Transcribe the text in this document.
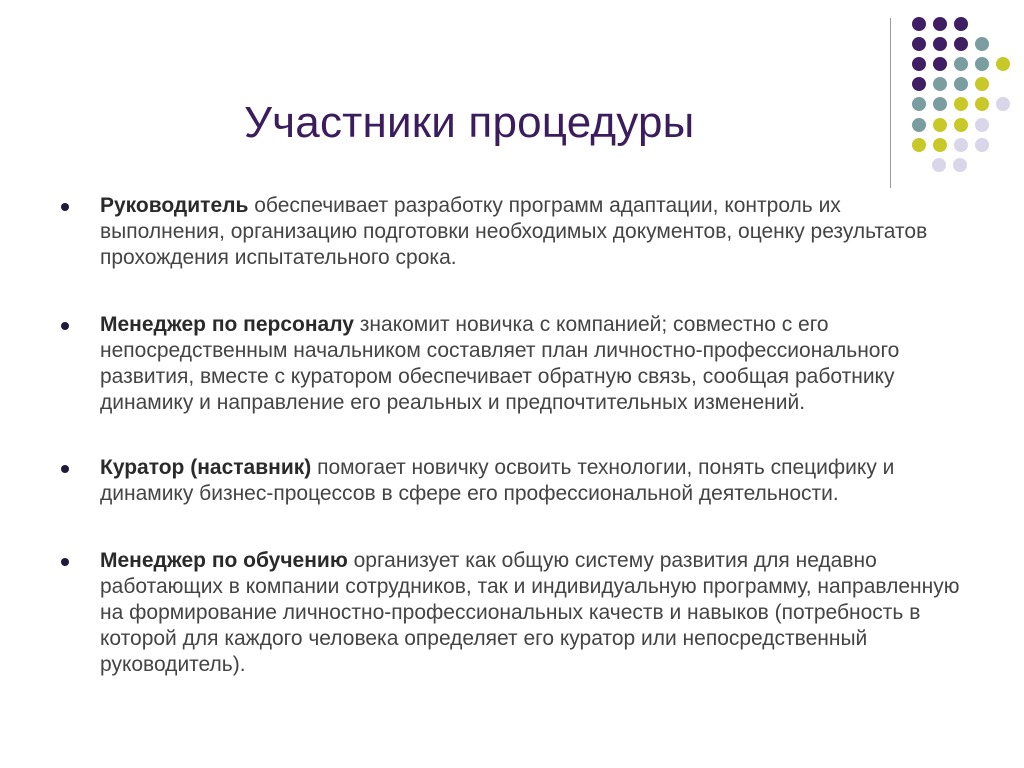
Участники процедуры
Руководитель обеспечивает разработку программ адаптации, контроль их выполнения, организацию подготовки необходимых документов, оценку результатов прохождения испытательного срока.
Менеджер по персоналу знакомит новичка с компанией; совместно с его непосредственным начальником составляет план личностно-профессионального развития, вместе с куратором обеспечивает обратную связь, сообщая работнику динамику и направление его реальных и предпочтительных изменений.
Куратор (наставник) помогает новичку освоить технологии, понять специфику и динамику бизнес-процессов в сфере его профессиональной деятельности.
Менеджер по обучению организует как общую систему развития для недавно работающих в компании сотрудников, так и индивидуальную программу, направленную на формирование личностно-профессиональных качеств и навыков (потребность в которой для каждого человека определяет его куратор или непосредственный руководитель).
